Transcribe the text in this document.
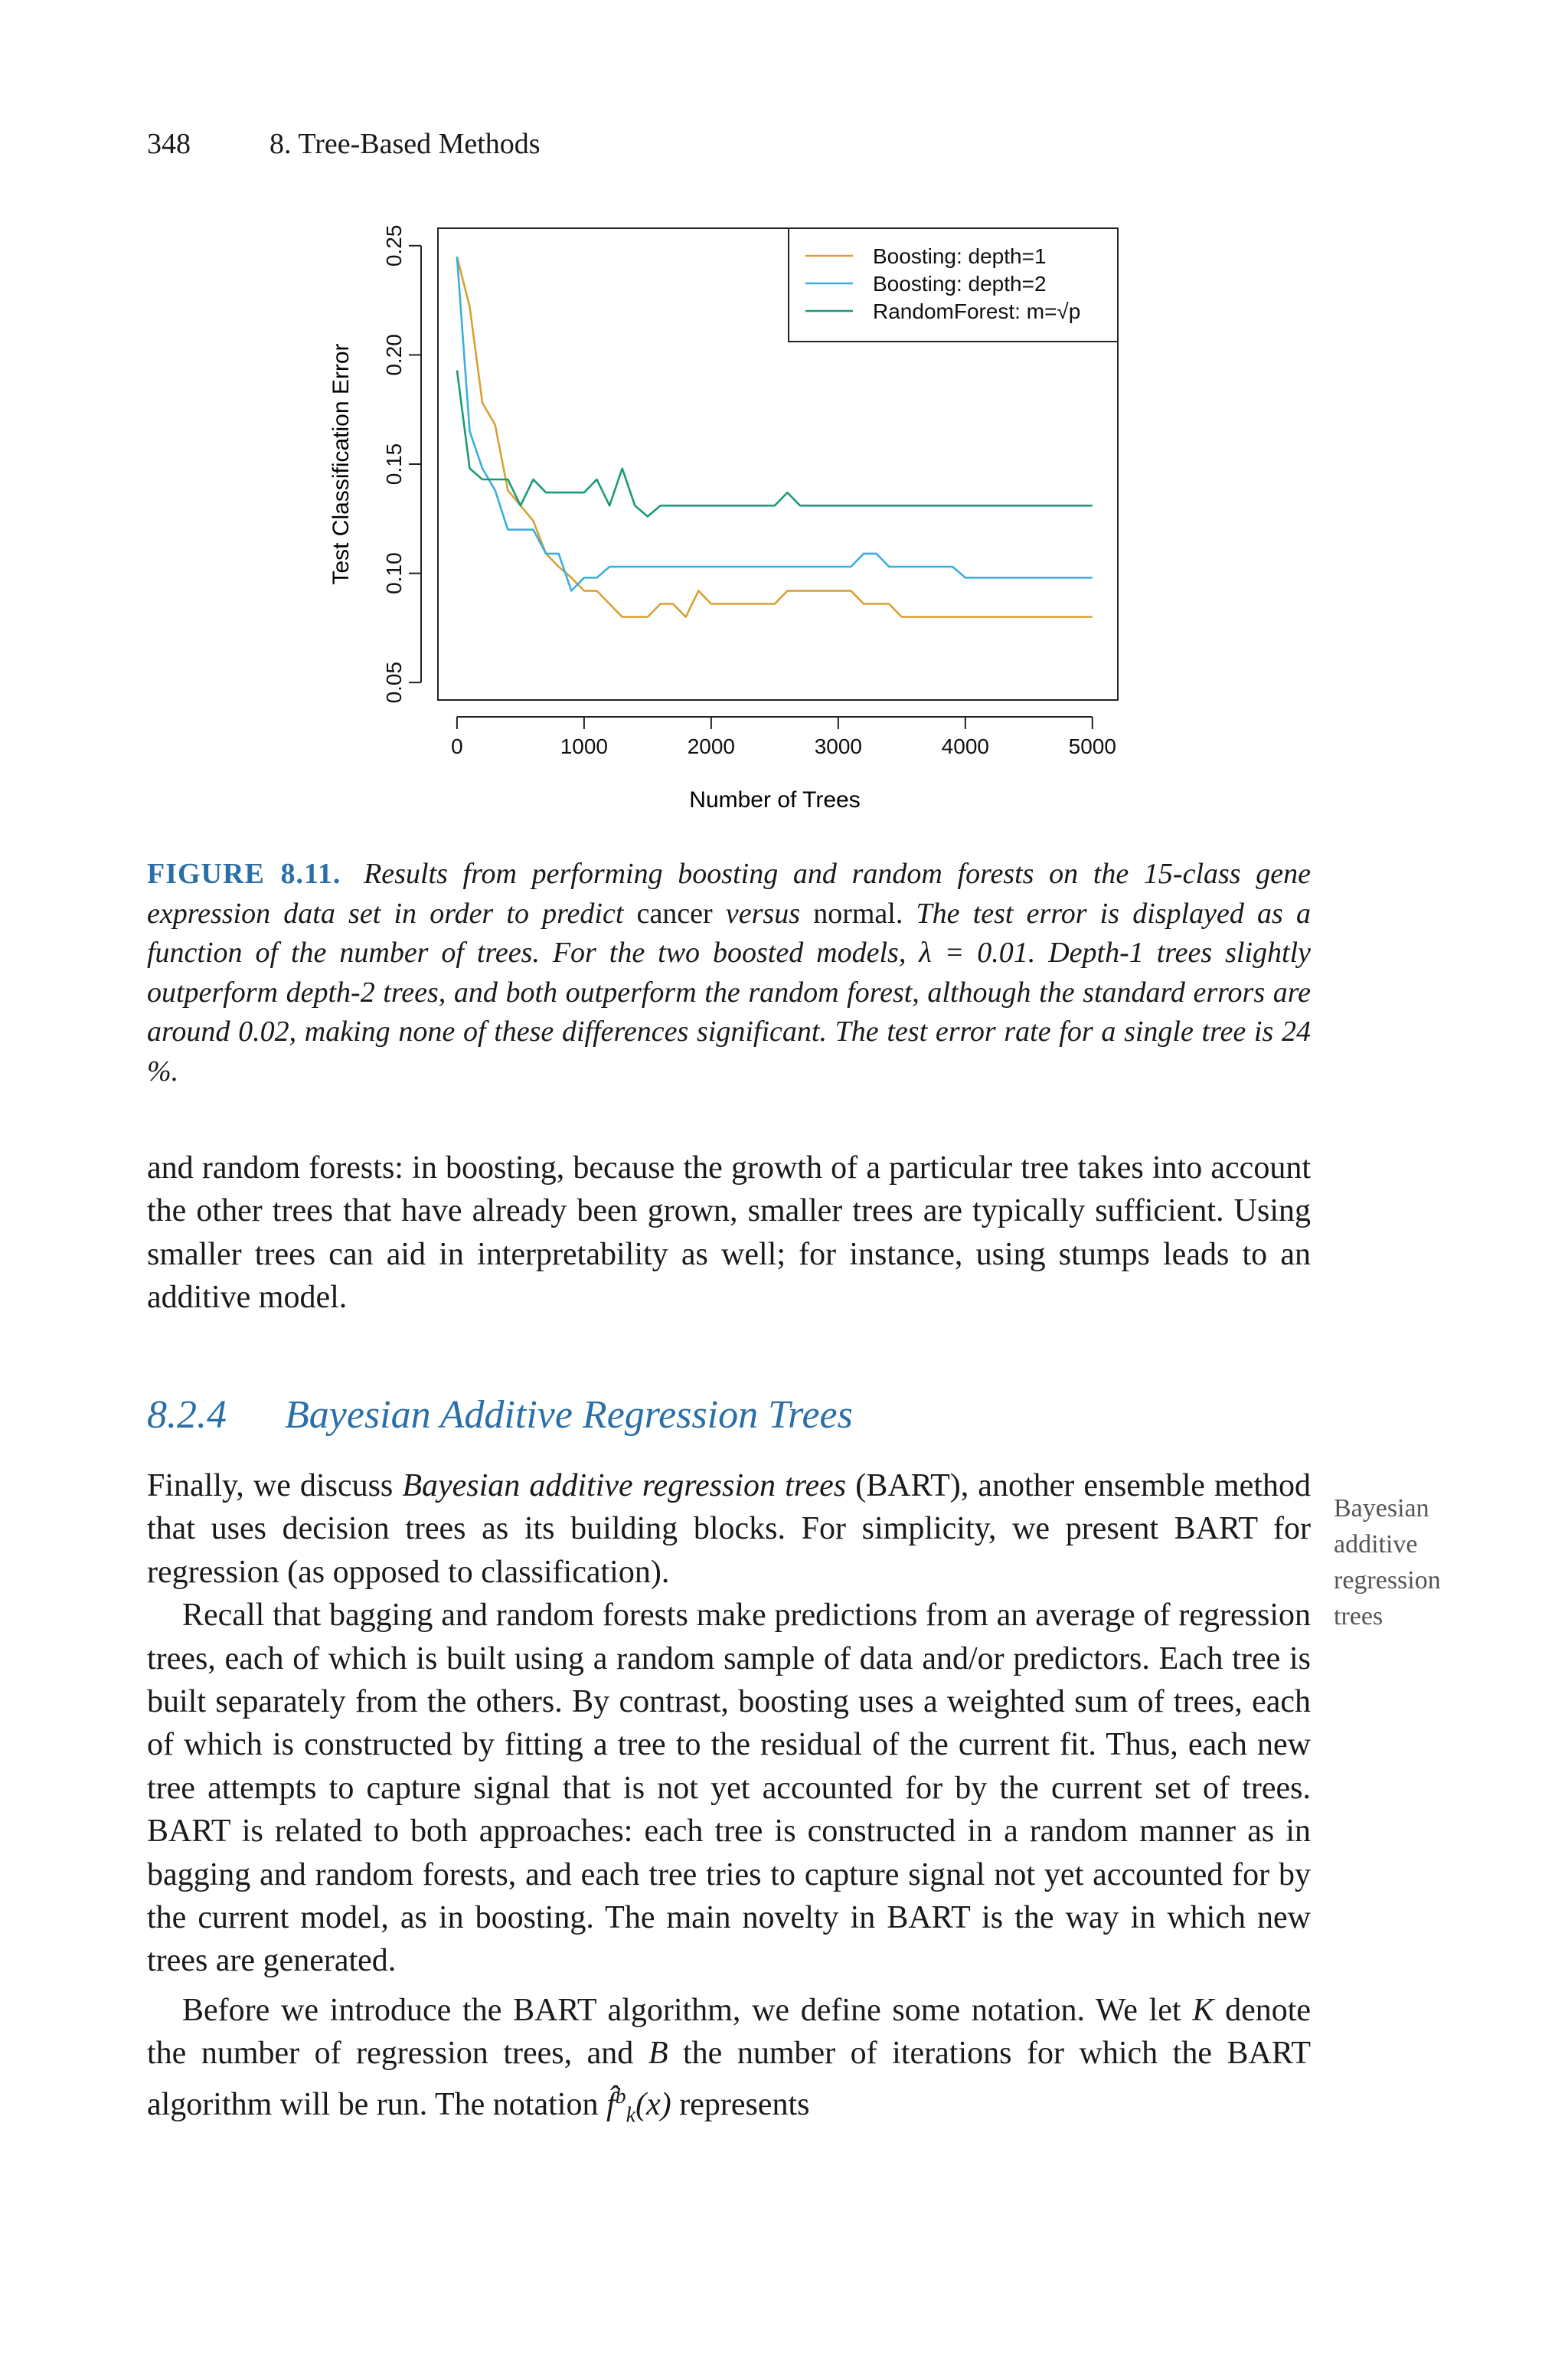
348	8. Tree-Based Methods
0	1000	2000	3000	4000	5000
0.05
0.10
0.15
0.20
0.25
Number of Trees
Test Classification Error
Boosting: depth=1
Boosting: depth=2
RandomForest: m=√p
FIGURE 8.11. Results from performing boosting and random forests on the 15-class gene expression data set in order to predict cancer versus normal. The test error is displayed as a function of the number of trees. For the two boosted models, λ = 0.01. Depth-1 trees slightly outperform depth-2 trees, and both outperform the random forest, although the standard errors are around 0.02, making none of these differences significant. The test error rate for a single tree is 24 %.
and random forests: in boosting, because the growth of a particular tree takes into account the other trees that have already been grown, smaller trees are typically sufficient. Using smaller trees can aid in interpretability as well; for instance, using stumps leads to an additive model.
8.2.4 Bayesian Additive Regression Trees
Bayesian additive regression trees

Finally, we discuss Bayesian additive regression trees (BART), another ensemble method that uses decision trees as its building blocks. For simplicity, we present BART for regression (as opposed to classification).

Recall that bagging and random forests make predictions from an average of regression trees, each of which is built using a random sample of data and/or predictors. Each tree is built separately from the others. By contrast, boosting uses a weighted sum of trees, each of which is constructed by fitting a tree to the residual of the current fit. Thus, each new tree attempts to capture signal that is not yet accounted for by the current set of trees. BART is related to both approaches: each tree is constructed in a random manner as in bagging and random forests, and each tree tries to capture signal not yet accounted for by the current model, as in boosting. The main novelty in BART is the way in which new trees are generated.

Before we introduce the BART algorithm, we define some notation. We let K denote the number of regression trees, and B the number of iterations for which the BART algorithm will be run. The notation f̂$^b_k$(x) represents
